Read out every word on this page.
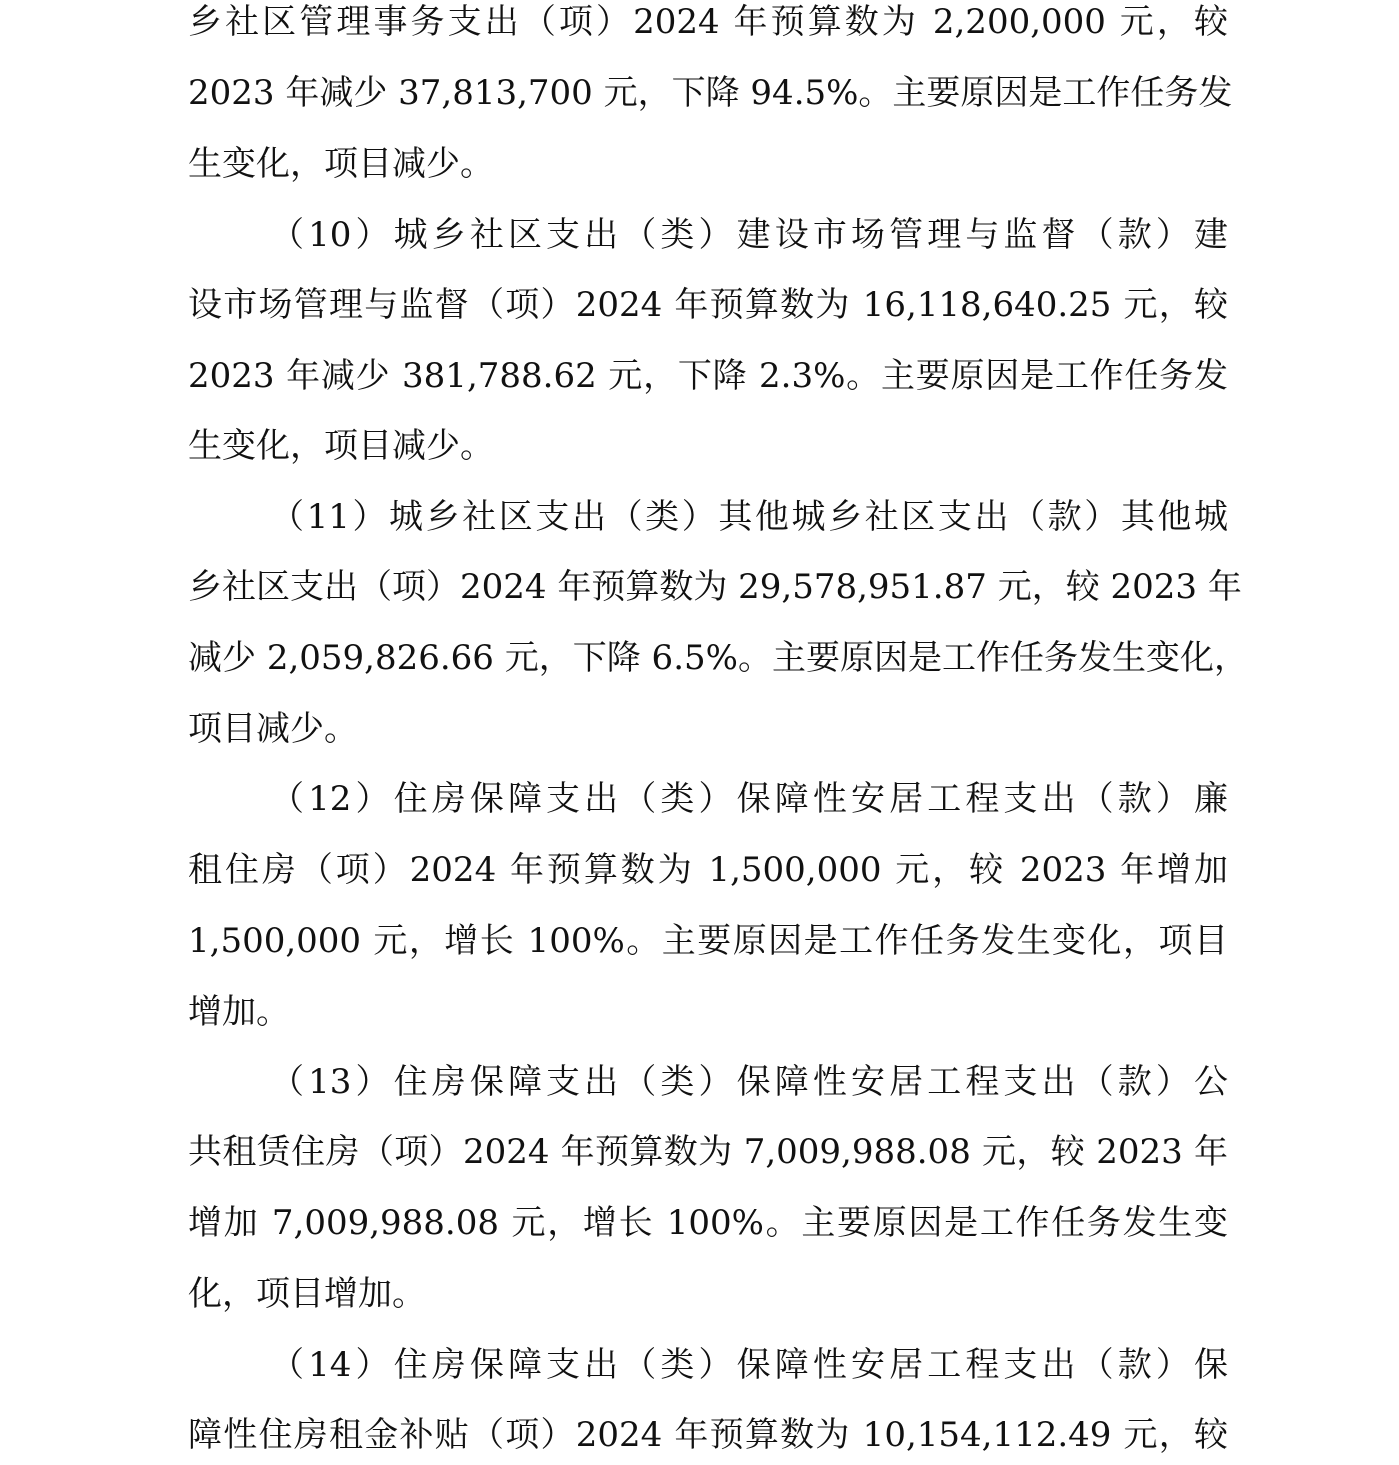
乡社区管理事务支出（项）2024 年预算数为 2,200,000 元，较
2023 年减少 37,813,700 元，下降 94.5%。主要原因是工作任务发
生变化，项目减少。
（10）城乡社区支出（类）建设市场管理与监督（款）建
设市场管理与监督（项）2024 年预算数为 16,118,640.25 元，较
2023 年减少 381,788.62 元，下降 2.3%。主要原因是工作任务发
生变化，项目减少。
（11）城乡社区支出（类）其他城乡社区支出（款）其他城
乡社区支出（项）2024 年预算数为 29,578,951.87 元，较 2023 年
减少 2,059,826.66 元，下降 6.5%。主要原因是工作任务发生变化，
项目减少。
（12）住房保障支出（类）保障性安居工程支出（款）廉
租住房（项）2024 年预算数为 1,500,000 元，较 2023 年增加
1,500,000 元，增长 100%。主要原因是工作任务发生变化，项目
增加。
（13）住房保障支出（类）保障性安居工程支出（款）公
共租赁住房（项）2024 年预算数为 7,009,988.08 元，较 2023 年
增加 7,009,988.08 元，增长 100%。主要原因是工作任务发生变
化，项目增加。
（14）住房保障支出（类）保障性安居工程支出（款）保
障性住房租金补贴（项）2024 年预算数为 10,154,112.49 元，较
